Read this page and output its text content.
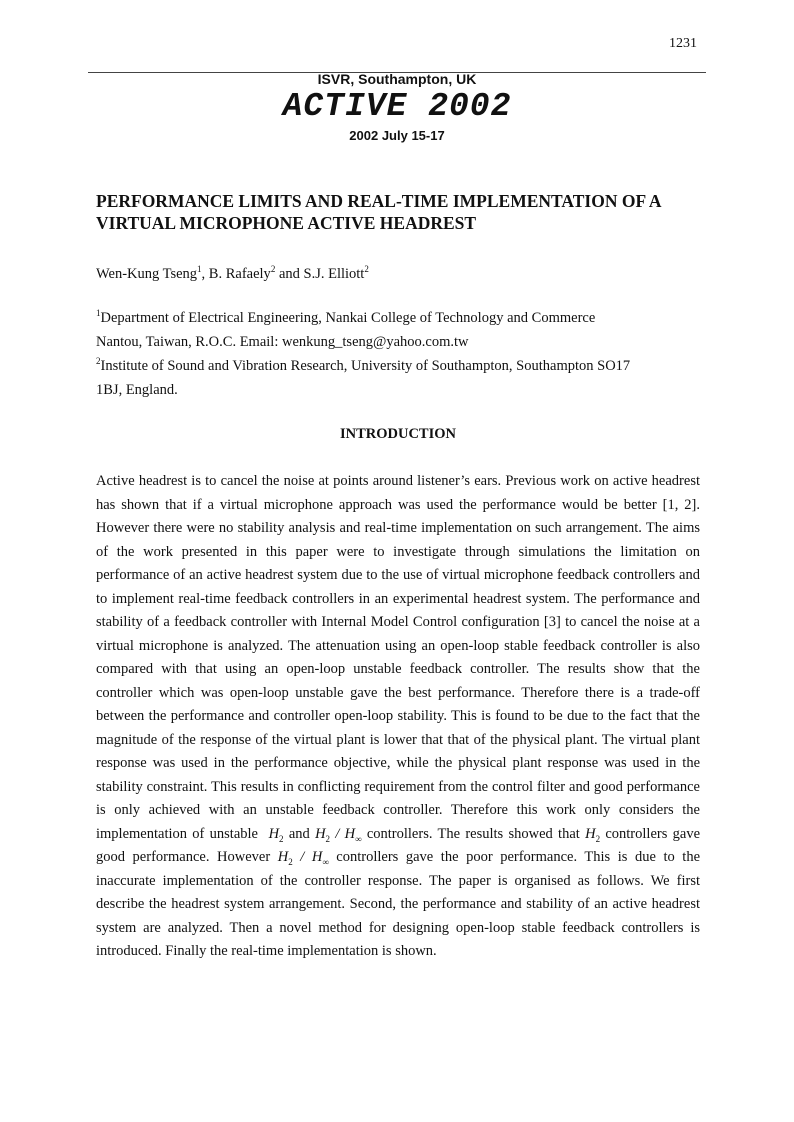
1231
ISVR, Southampton, UK
ACTIVE 2002
2002 July 15-17
PERFORMANCE LIMITS AND REAL-TIME IMPLEMENTATION OF A VIRTUAL MICROPHONE ACTIVE HEADREST
Wen-Kung Tseng$^1$, B. Rafaely$^2$ and S.J. Elliott$^2$
$^1$Department of Electrical Engineering, Nankai College of Technology and Commerce
Nantou, Taiwan, R.O.C. Email: wenkung_tseng@yahoo.com.tw
$^2$Institute of Sound and Vibration Research, University of Southampton, Southampton SO17
1BJ, England.
INTRODUCTION

Active headrest is to cancel the noise at points around listener’s ears. Previous work on active headrest has shown that if a virtual microphone approach was used the performance would be better [1, 2]. However there were no stability analysis and real-time implementation on such arrangement. The aims of the work presented in this paper were to investigate through simulations the limitation on performance of an active headrest system due to the use of virtual microphone feedback controllers and to implement real-time feedback controllers in an experimental headrest system. The performance and stability of a feedback controller with Internal Model Control configuration [3] to cancel the noise at a virtual microphone is analyzed. The attenuation using an open-loop stable feedback controller is also compared with that using an open-loop unstable feedback controller. The results show that the controller which was open-loop unstable gave the best performance. Therefore there is a trade-off between the performance and controller open-loop stability. This is found to be due to the fact that the magnitude of the response of the virtual plant is lower that that of the physical plant. The virtual plant response was used in the performance objective, while the physical plant response was used in the stability constraint. This results in conflicting requirement from the control filter and good performance is only achieved with an unstable feedback controller. Therefore this work only considers the implementation of unstable $H_2$ and $H_2 / H_\infty$ controllers. The results showed that $H_2$ controllers gave good performance. However $H_2 / H_\infty$ controllers gave the poor performance. This is due to the inaccurate implementation of the controller response. The paper is organised as follows. We first describe the headrest system arrangement. Second, the performance and stability of an active headrest system are analyzed. Then a novel method for designing open-loop stable feedback controllers is introduced. Finally the real-time implementation is shown.
